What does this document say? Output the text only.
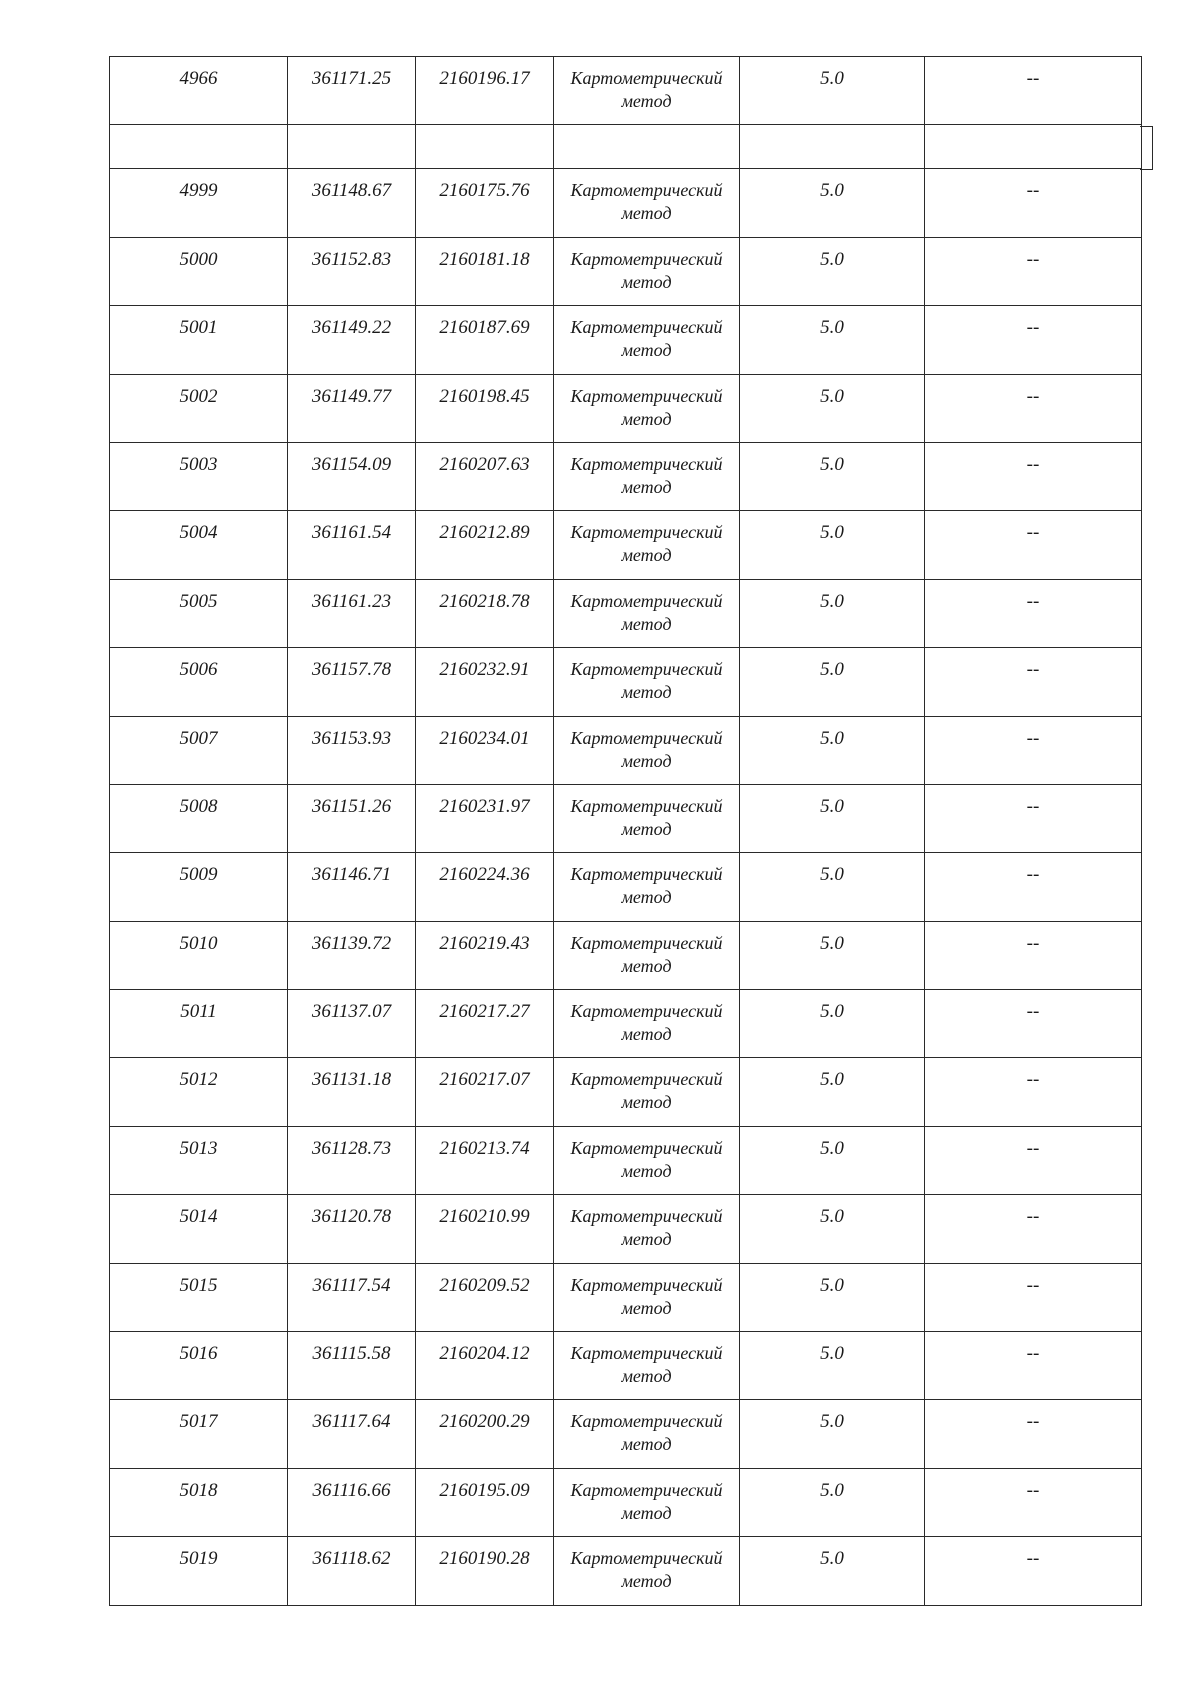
4966	361171.25	2160196.17	Картометрический
метод	5.0	--

4999	361148.67	2160175.76	Картометрический
метод	5.0	--
5000	361152.83	2160181.18	Картометрический
метод	5.0	--
5001	361149.22	2160187.69	Картометрический
метод	5.0	--
5002	361149.77	2160198.45	Картометрический
метод	5.0	--
5003	361154.09	2160207.63	Картометрический
метод	5.0	--
5004	361161.54	2160212.89	Картометрический
метод	5.0	--
5005	361161.23	2160218.78	Картометрический
метод	5.0	--
5006	361157.78	2160232.91	Картометрический
метод	5.0	--
5007	361153.93	2160234.01	Картометрический
метод	5.0	--
5008	361151.26	2160231.97	Картометрический
метод	5.0	--
5009	361146.71	2160224.36	Картометрический
метод	5.0	--
5010	361139.72	2160219.43	Картометрический
метод	5.0	--
5011	361137.07	2160217.27	Картометрический
метод	5.0	--
5012	361131.18	2160217.07	Картометрический
метод	5.0	--
5013	361128.73	2160213.74	Картометрический
метод	5.0	--
5014	361120.78	2160210.99	Картометрический
метод	5.0	--
5015	361117.54	2160209.52	Картометрический
метод	5.0	--
5016	361115.58	2160204.12	Картометрический
метод	5.0	--
5017	361117.64	2160200.29	Картометрический
метод	5.0	--
5018	361116.66	2160195.09	Картометрический
метод	5.0	--
5019	361118.62	2160190.28	Картометрический
метод	5.0	--
